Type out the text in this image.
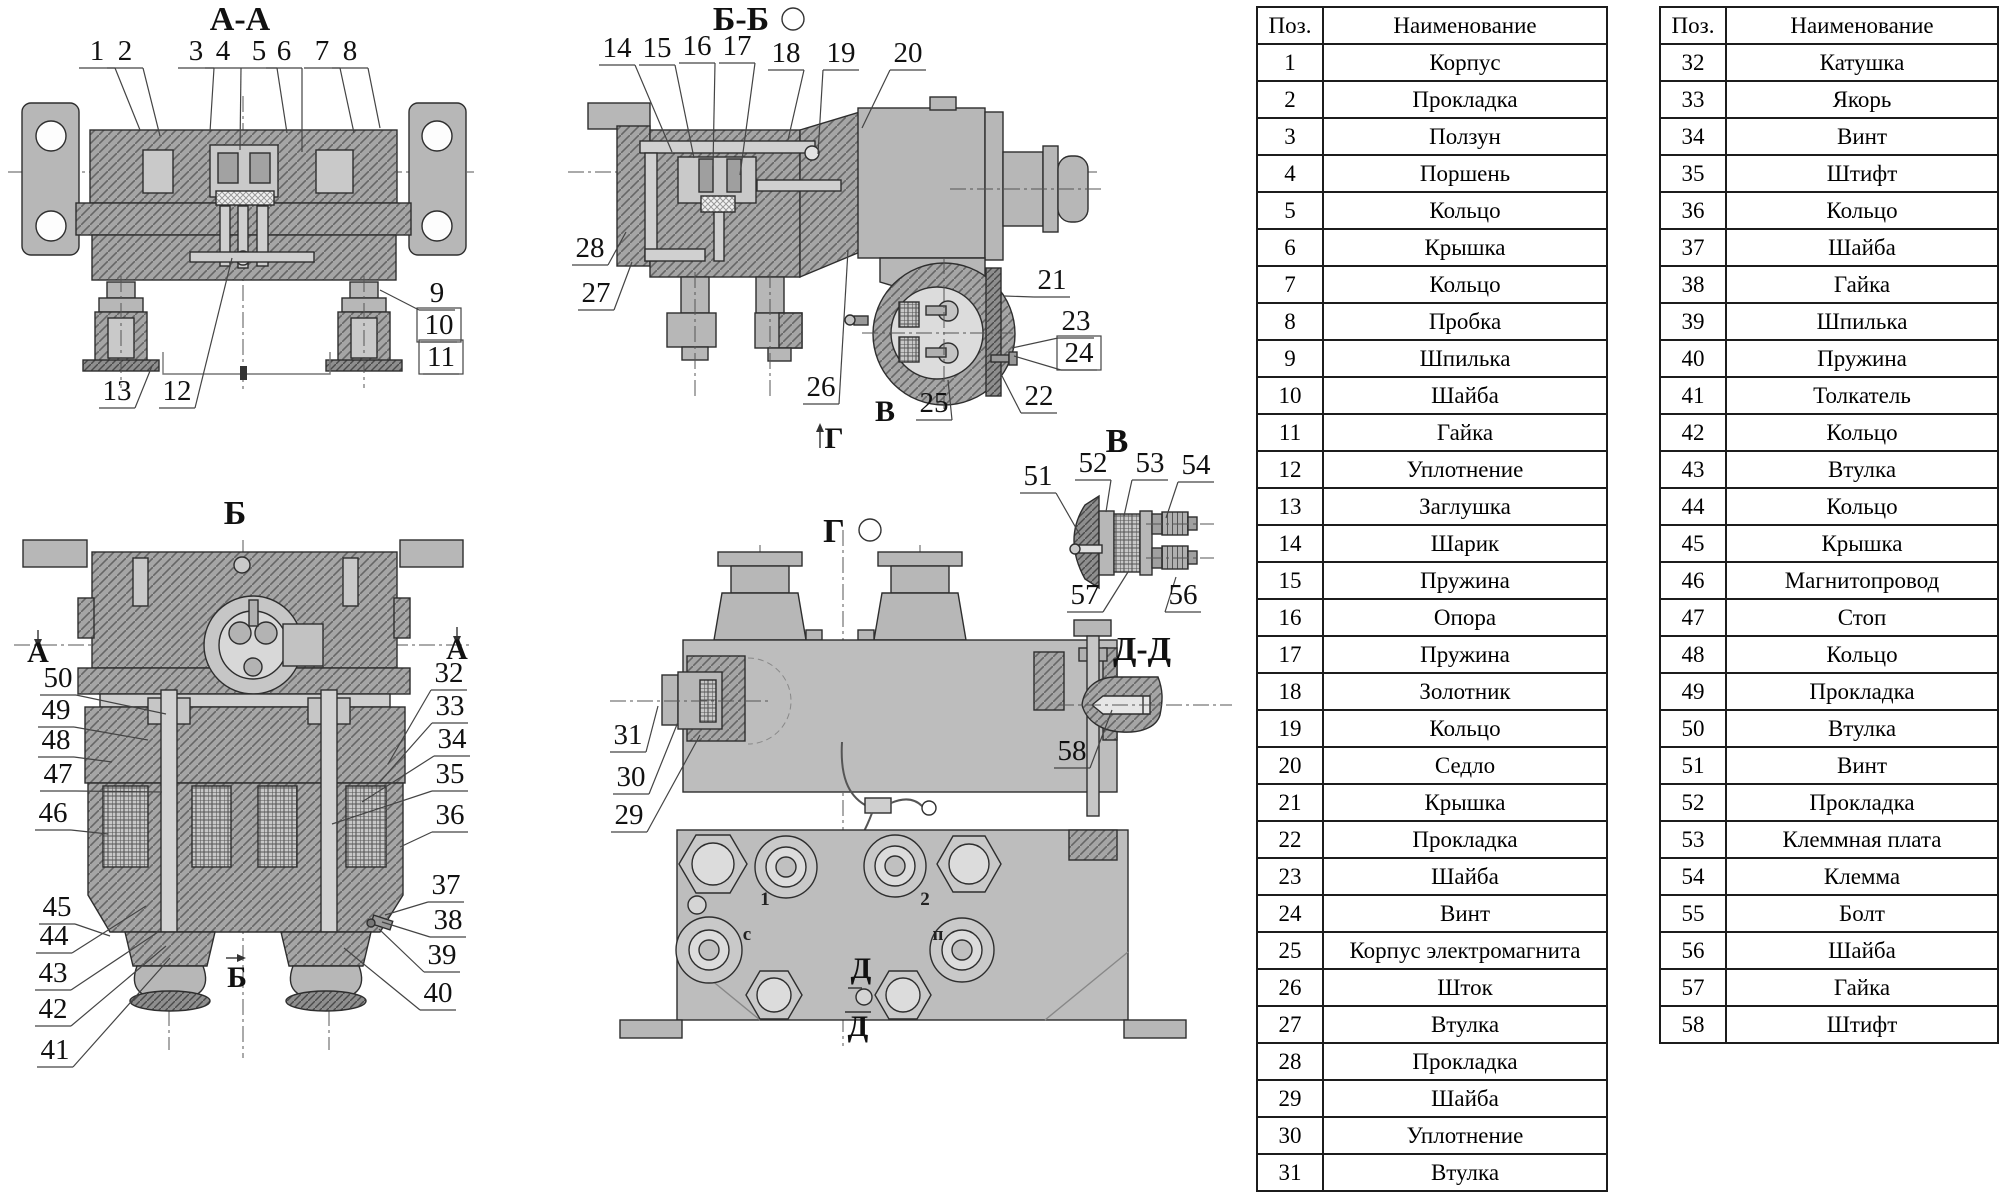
А-А	Б-Б
Б	Г
В
Д-Д
А	А
Б
Г
В
Д
Д
1	2
с	п
1 2 3 4 5 6 7 8
9
10
11
12
13
14 15 16 17 18 19 20
28
27	21
23
24
22
25
26
50
49
48
47
46
45
44
43
42
41
32
33
34
35
36
37
38
39
40
31
30
29
51 52 53 54
57 56
58
Поз.	Наименование
1	Корпус
2	Прокладка
3	Ползун
4	Поршень
5	Кольцо
6	Крышка
7	Кольцо
8	Пробка
9	Шпилька
10	Шайба
11	Гайка
12	Уплотнение
13	Заглушка
14	Шарик
15	Пружина
16	Опора
17	Пружина
18	Золотник
19	Кольцо
20	Седло
21	Крышка
22	Прокладка
23	Шайба
24	Винт
25	Корпус электромагнита
26	Шток
27	Втулка
28	Прокладка
29	Шайба
30	Уплотнение
31	Втулка
Поз.	Наименование
32	Катушка
33	Якорь
34	Винт
35	Штифт
36	Кольцо
37	Шайба
38	Гайка
39	Шпилька
40	Пружина
41	Толкатель
42	Кольцо
43	Втулка
44	Кольцо
45	Крышка
46	Магнитопровод
47	Стоп
48	Кольцо
49	Прокладка
50	Втулка
51	Винт
52	Прокладка
53	Клеммная плата
54	Клемма
55	Болт
56	Шайба
57	Гайка
58	Штифт
